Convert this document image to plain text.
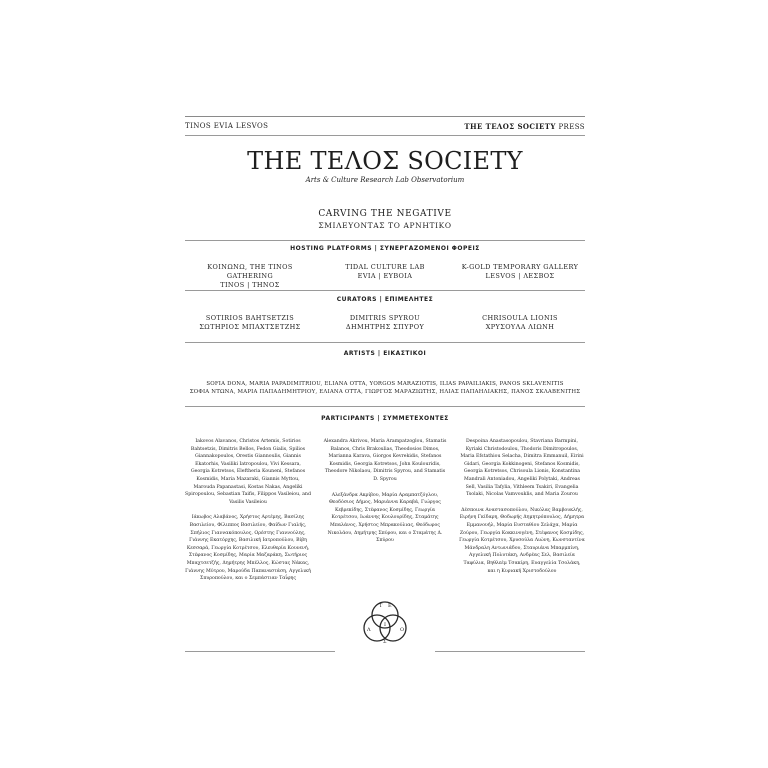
TINOS EVIA LESVOS	THE ΤΕΛΟΣ SOCIETY PRESS
THE ΤΕΛΟΣ SOCIETY
Arts & Culture Research Lab Observatorium
CARVING THE NEGATIVE
ΣΜΙΛΕΥΟΝΤΑΣ ΤΟ ΑΡΝΗΤΙΚΟ
HOSTING PLATFORMS | ΣΥΝΕΡΓΑΖΟΜΕΝΟΙ ΦΟΡΕΙΣ
ΚΟΙΝΩΝΩ, THE TINOS GATHERING
TINOS | ΤΗΝΟΣ
TIDAL CULTURE LAB
EVIA | ΕΥΒΟΙΑ
K-GOLD TEMPORARY GALLERY
LESVOS | ΛΕΣΒΟΣ
CURATORS | ΕΠΙΜΕΛΗΤΕΣ
SOTIRIOS BAHTSETZIS
ΣΩΤΗΡΙΟΣ ΜΠΑΧΤΣΕΤΖΗΣ
DIMITRIS SPYROU
ΔΗΜΗΤΡΗΣ ΣΠΥΡΟΥ
CHRISOULA LIONIS
ΧΡΥΣΟΥΛΑ ΛΙΩΝΗ
ARTISTS | ΕΙΚΑΣΤΙΚΟΙ
SOFIA DONA, MARIA PAPADIMITRIOU, ELIANA OTTA, YORGOS MARAZIOTIS, ILIAS PAPAILIAKIS, PANOS SKLAVENITIS
ΣΟΦΙΑ ΝΤΩΝΑ, ΜΑΡΙΑ ΠΑΠΑΔΗΜΗΤΡΙΟΥ, ΕΛΙΑΝΑ ΟΤΤΑ, ΓΙΩΡΓΟΣ ΜΑΡΑΖΙΩΤΗΣ, ΗΛΙΑΣ ΠΑΠΑΗΛΙΑΚΗΣ, ΠΑΝΟΣ ΣΚΛΑΒΕΝΙΤΗΣ
PARTICIPANTS | ΣΥΜΜΕΤΕΧΟΝΤΕΣ
Iakovos Alavanos, Christos Artemis, Sotirios Bahtsetzis, Dimitris Bellos, Fedon Gialis, Spilios Giannakopoulos, Orestis Giannoulis, Giannis Ekatorhis, Vasiliki Iatropoulou, Vivi Kessara, Georgia Kotretsos, Eleftheria Kouneni, Stefanos Kosmidis, Maria Mazaraki, Giannis Myttou, Marouda Papanastasi, Kostas Nakas, Angeliki Spiropoulou, Sebastian Taifis, Filippos Vasileiou, and Vasilis Vasileiou
Ιάκωβος Αλαβάνος, Χρήστος Αρτέμης, Βασίλης Βασιλείου, Φίλιππος Βασιλείου, Φαίδων Γιαλής, Σπήλιος Γιαννακόπουλος, Ορέστης Γιαννούλης, Γιάννης Εκατόρχης, Βασιλική Ιατροπούλου, Βίβη Κεσσαρά, Γεωργία Κοτρέτσου, Ελευθερία Κουνενή, Στέφανος Κοσμίδης, Μαρία Μαζαράκη, Σωτήριος Μπαχτσετζής, Δημήτρης Μπέλλος, Κώστας Νάκας, Γιάννης Μύτρου, Μαρούδα Παπαναστάση, Αγγελική Σπυροπούλου, και ο Σεμπάστιαν Ταΐφης
Alexandra Akrivou, Maria Arampatzoglou, Stamatis Balanos, Chris Brakoulias, Theodosios Dimos, Marianna Karava, Giorgos Kevrekidis, Stefanos Kosmidis, Georgia Kotretsos, John Koulouridis, Theodore Nikolaou, Dimitris Spyrou, and Stamatis D. Spyrou
Αλεξάνδρα Ακρίβου, Μαρία Αραμπατζόγλου, Θεοδόσιος Δήμος, Μαριάννα Καραβά, Γιώργος Κεβρεκίδης, Στέφανος Κοσμίδης, Γεωργία Κοτρέτσου, Ιωάννης Κουλουρίδης, Σταμάτης Μπαλάνος, Χρήστος Μπρακούλιας, Θεόδωρος Νικολάου, Δημήτρης Σπύρου, και ο Σταμάτης Δ. Σπύρου
Despoina Anastasopoulou, Stavriana Barmpini, Kyriaki Christodoulou, Thodoris Dimitropoulos, Maria Efstathiou Selacha, Dimitra Emmanuil, Eirini Gidari, Georgia Kokkinogeni, Stefanos Kosmidis, Georgia Kotretsos, Chrisoula Lionis, Konstantina Mandrali Antoniadou, Angeliki Polytaki, Andreas Sell, Vasilia Tafylia, Vithleem Tsakiri, Evangelia Tsolaki, Nicolas Vamvouklis, and Maria Zourou
Δέσποινα Αναστασοπούλου, Νικόλας Βαμβουκλής, Ειρήνη Γκίδαρη, Θοδωρής Δημητρόπουλος, Δήμητρα Εμμανουήλ, Μαρία Ευσταθίου Σελάχα, Μαρία Ζούρου, Γεωργία Κοκκινογένη, Στέφανος Κοσμίδης, Γεωργία Κοτρέτσου, Χρυσούλα Λιώνη, Κωνσταντίνα Μάνδραλη Αντωνιάδου, Σταυριάνα Μπαρμπίνη, Αγγελική Πολυτάκη, Ανδρέας Σελ, Βασιλεία Ταφύλια, Βηθλεέμ Τσακίρη, Ευαγγελία Τσολάκη, και η Κυριακή Χριστοδούλου
Τ Ε
Λ	Ο
Σ
Ι
